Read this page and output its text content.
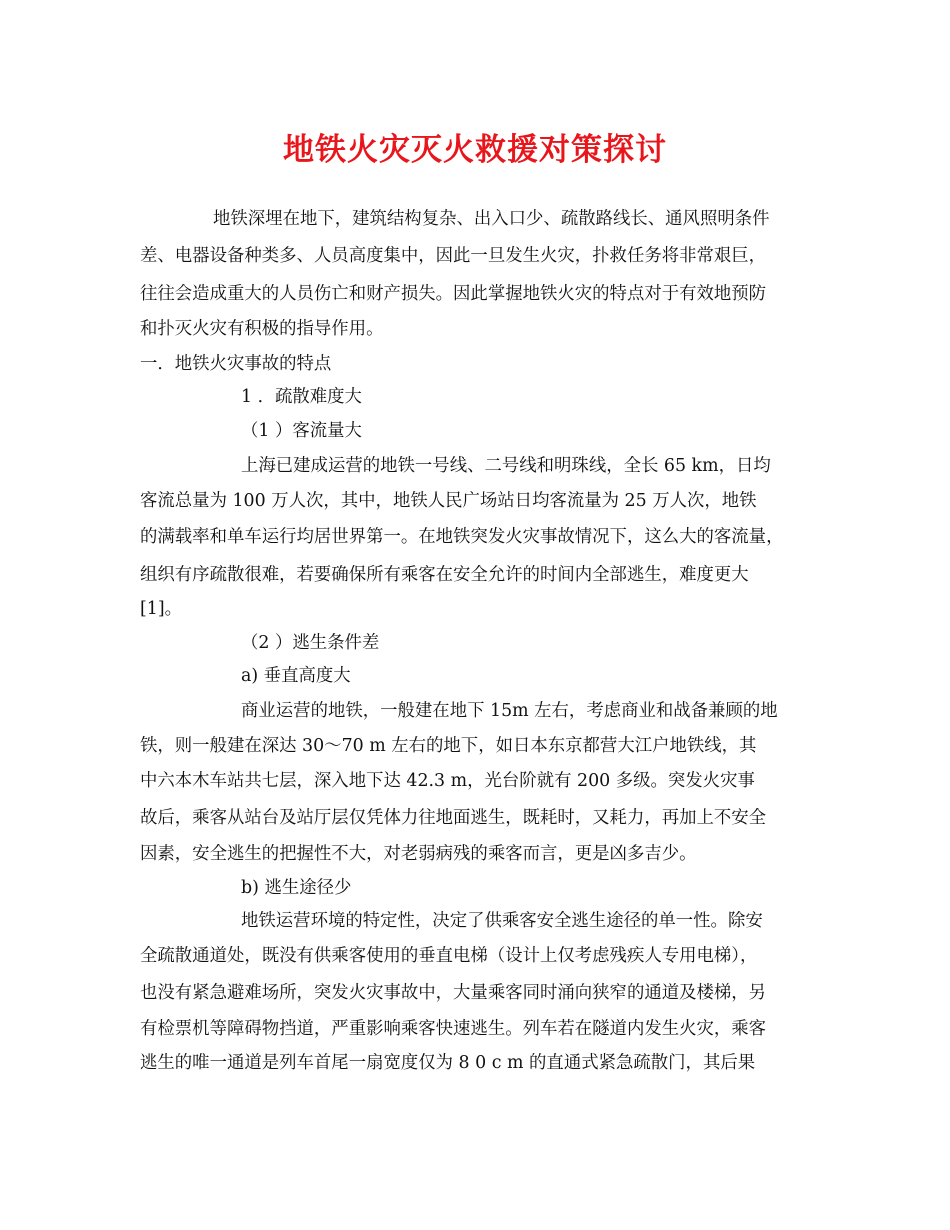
地铁火灾灭火救援对策探讨
地铁深埋在地下，建筑结构复杂、出入口少、疏散路线长、通风照明条件
差、电器设备种类多、人员高度集中，因此一旦发生火灾，扑救任务将非常艰巨，
往往会造成重大的人员伤亡和财产损失。因此掌握地铁火灾的特点对于有效地预防
和扑灭火灾有积极的指导作用。
一．地铁火灾事故的特点
1 ．疏散难度大
（1 ）客流量大
上海已建成运营的地铁一号线、二号线和明珠线，全长 65 km，日均
客流总量为 100 万人次，其中，地铁人民广场站日均客流量为 25 万人次，地铁
的满载率和单车运行均居世界第一。在地铁突发火灾事故情况下，这么大的客流量，
组织有序疏散很难，若要确保所有乘客在安全允许的时间内全部逃生，难度更大
[1]。
（2 ）逃生条件差
a) 垂直高度大
商业运营的地铁，一般建在地下 15m 左右，考虑商业和战备兼顾的地
铁，则一般建在深达 30～70 m 左右的地下，如日本东京都营大江户地铁线，其
中六本木车站共七层，深入地下达 42.3 m，光台阶就有 200 多级。突发火灾事
故后，乘客从站台及站厅层仅凭体力往地面逃生，既耗时，又耗力，再加上不安全
因素，安全逃生的把握性不大，对老弱病残的乘客而言，更是凶多吉少。
b) 逃生途径少
地铁运营环境的特定性，决定了供乘客安全逃生途径的单一性。除安
全疏散通道处，既没有供乘客使用的垂直电梯（设计上仅考虑残疾人专用电梯），
也没有紧急避难场所，突发火灾事故中，大量乘客同时涌向狭窄的通道及楼梯，另
有检票机等障碍物挡道，严重影响乘客快速逃生。列车若在隧道内发生火灾，乘客
逃生的唯一通道是列车首尾一扇宽度仅为 8 0 c m 的直通式紧急疏散门，其后果
